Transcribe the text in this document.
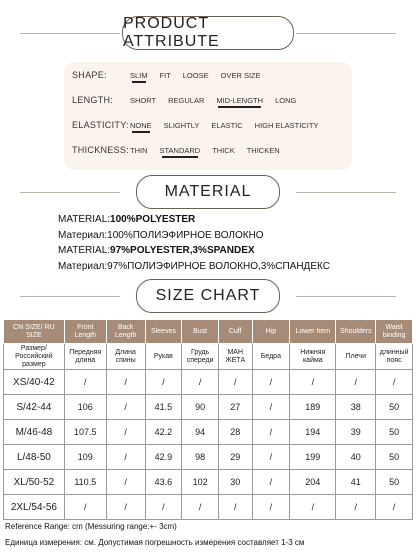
PRODUCT ATTRIBUTE
SHAPE:	SLIM FIT LOOSE OVER SIZE
LENGTH:	SHORT REGULAR MID-LENGTH LONG
ELASTICITY: NONE SLIGHTLY ELASTIC HIGH ELASTICITY
THICKNESS: THIN STANDARD THICK THICKEN
MATERIAL
MATERIAL:100%POLYESTER
Материал:100%ПОЛИЭФИРНОЕ ВОЛОКНО
MATERIAL:97%POLYESTER,3%SPANDEX
Материал:97%ПОЛИЭФИРНОЕ ВОЛОКНО,3%СПАНДЕКС
SIZE CHART
CN SIZE/ RU SIZE	Front Length	Back Length	Sleeves	Bust	Cuff	Hip	Lower hem	Shoulders	Waist binding
Размер/ Российский размер	Передняя длина	Длина спины	Рукав	Грудь спереди	МАН ЖЕТА	Бедра	Нижняя кайма	Плечи	длинный пояс
XS/40-42	/	/	/	/	/	/	/	/	/
S/42-44	106	/	41.5	90	27	/	189	38	50
M/46-48	107.5	/	42.2	94	28	/	194	39	50
L/48-50	109	/	42.9	98	29	/	199	40	50
XL/50-52	110.5	/	43.6	102	30	/	204	41	50
2XL/54-56	/	/	/	/	/	/	/	/	/
Reference Range: cm (Messuring range:+- 3cm)
Единица измерения: см. Допустимая погрешность измерения составляет 1-3 см
